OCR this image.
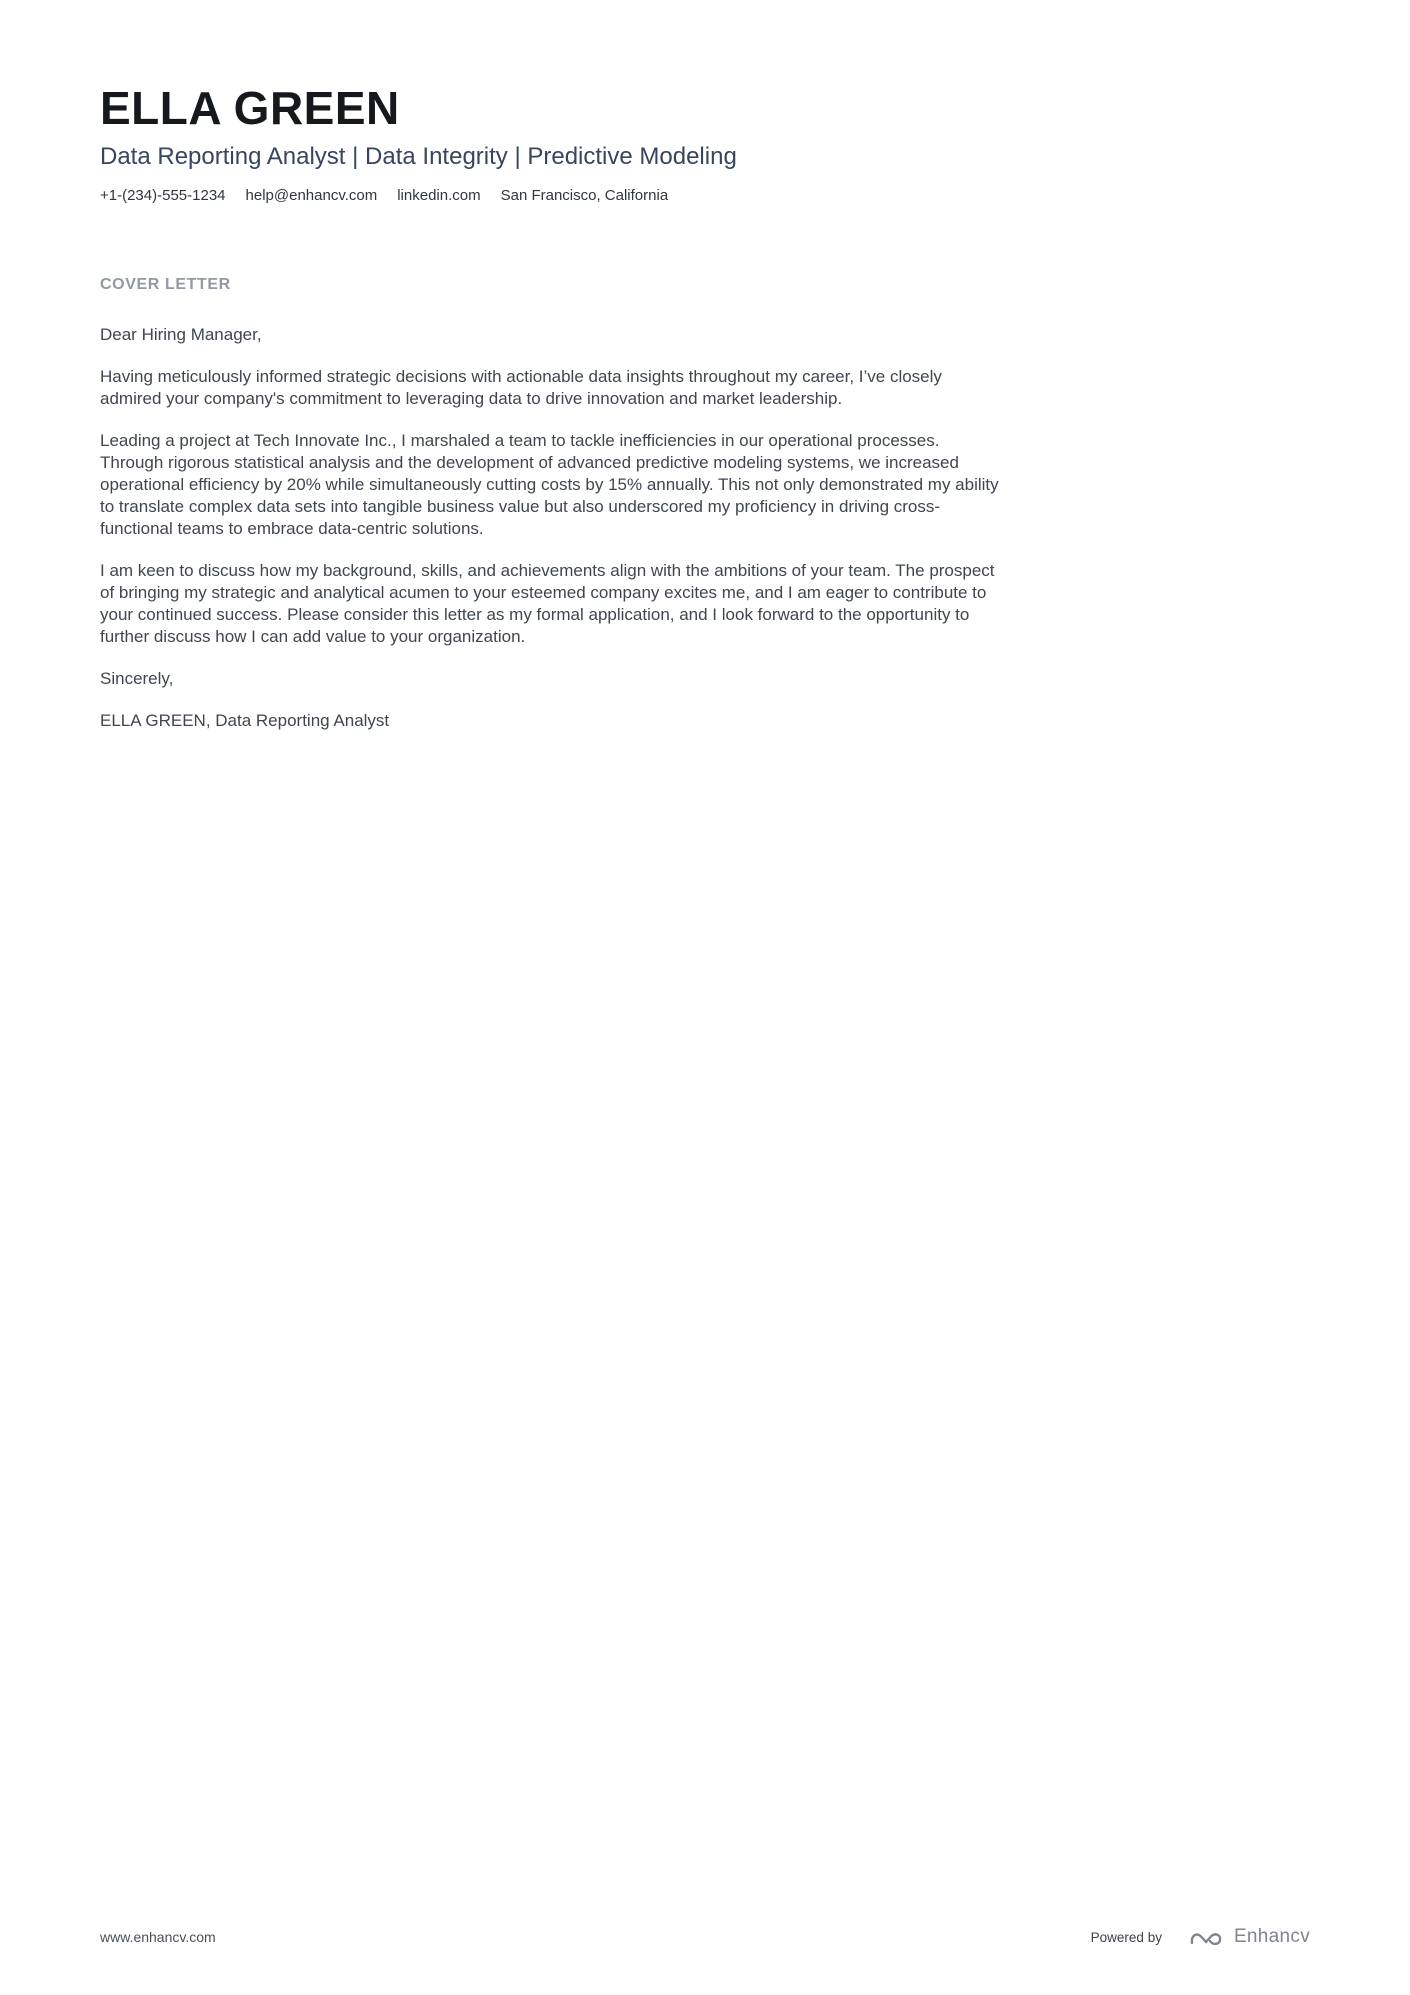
ELLA GREEN
Data Reporting Analyst | Data Integrity | Predictive Modeling
+1-(234)-555-1234 help@enhancv.com linkedin.com San Francisco, California
COVER LETTER

Dear Hiring Manager,

Having meticulously informed strategic decisions with actionable data insights throughout my career, I’ve closely admired your company's commitment to leveraging data to drive innovation and market leadership.

Leading a project at Tech Innovate Inc., I marshaled a team to tackle inefficiencies in our operational processes. Through rigorous statistical analysis and the development of advanced predictive modeling systems, we increased operational efficiency by 20% while simultaneously cutting costs by 15% annually. This not only demonstrated my ability to translate complex data sets into tangible business value but also underscored my proficiency in driving cross-functional teams to embrace data-centric solutions.

I am keen to discuss how my background, skills, and achievements align with the ambitions of your team. The prospect of bringing my strategic and analytical acumen to your esteemed company excites me, and I am eager to contribute to your continued success. Please consider this letter as my formal application, and I look forward to the opportunity to further discuss how I can add value to your organization.

Sincerely,

ELLA GREEN, Data Reporting Analyst

www.enhancv.com	Powered by	Enhancv
